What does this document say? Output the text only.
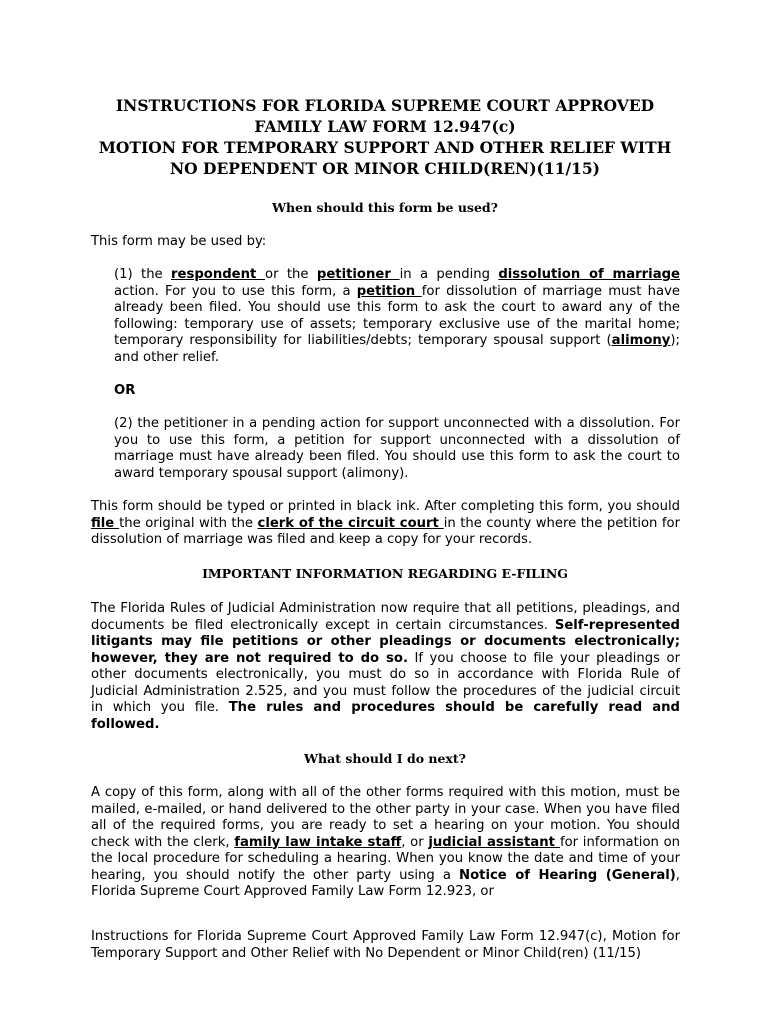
INSTRUCTIONS FOR FLORIDA SUPREME COURT APPROVED
FAMILY LAW FORM 12.947(c)
MOTION FOR TEMPORARY SUPPORT AND OTHER RELIEF WITH
NO DEPENDENT OR MINOR CHILD(REN)(11/15)
When should this form be used?
This form may be used by:
(1) the respondent or the petitioner in a pending dissolution of marriage action. For you to use this form, a petition for dissolution of marriage must have already been filed. You should use this form to ask the court to award any of the following: temporary use of assets; temporary exclusive use of the marital home; temporary responsibility for liabilities/debts; temporary spousal support (alimony); and other relief.
OR
(2) the petitioner in a pending action for support unconnected with a dissolution. For you to use this form, a petition for support unconnected with a dissolution of marriage must have already been filed. You should use this form to ask the court to award temporary spousal support (alimony).
This form should be typed or printed in black ink. After completing this form, you should file the original with the clerk of the circuit court in the county where the petition for dissolution of marriage was filed and keep a copy for your records.
IMPORTANT INFORMATION REGARDING E-FILING
The Florida Rules of Judicial Administration now require that all petitions, pleadings, and documents be filed electronically except in certain circumstances. Self-represented litigants may file petitions or other pleadings or documents electronically; however, they are not required to do so. If you choose to file your pleadings or other documents electronically, you must do so in accordance with Florida Rule of Judicial Administration 2.525, and you must follow the procedures of the judicial circuit in which you file. The rules and procedures should be carefully read and followed.
What should I do next?
A copy of this form, along with all of the other forms required with this motion, must be mailed, e-mailed, or hand delivered to the other party in your case. When you have filed all of the required forms, you are ready to set a hearing on your motion. You should check with the clerk, family law intake staff, or judicial assistant for information on the local procedure for scheduling a hearing. When you know the date and time of your hearing, you should notify the other party using a Notice of Hearing (General), Florida Supreme Court Approved Family Law Form 12.923, or
Instructions for Florida Supreme Court Approved Family Law Form 12.947(c), Motion for Temporary Support and Other Relief with No Dependent or Minor Child(ren) (11/15)
